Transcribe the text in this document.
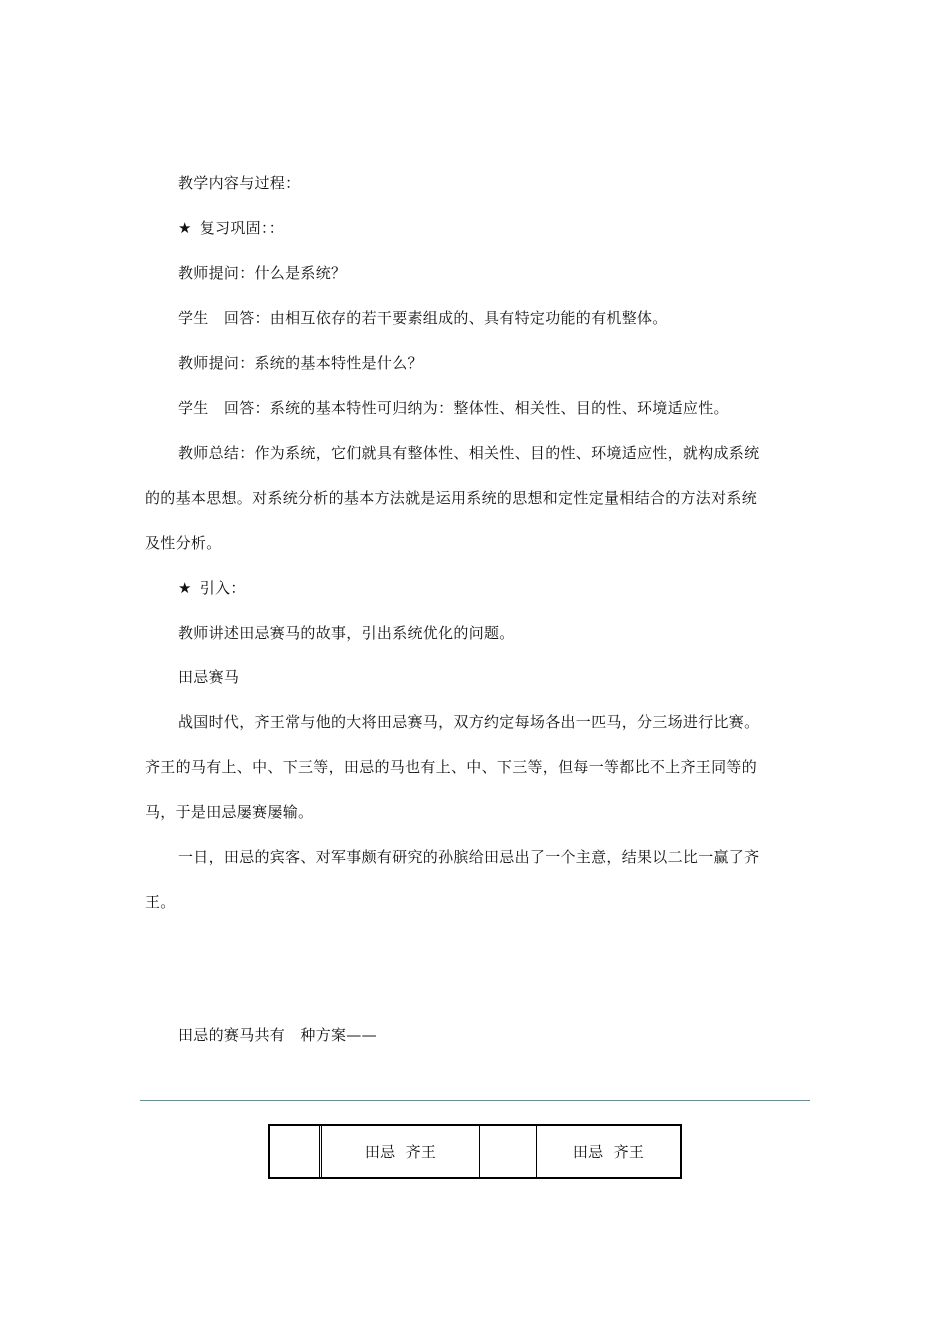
教学内容与过程：
★ 复习巩固：：
教师提问：什么是系统？
学生　回答：由相互依存的若干要素组成的、具有特定功能的有机整体。
教师提问：系统的基本特性是什么？
学生　回答：系统的基本特性可归纳为：整体性、相关性、目的性、环境适应性。
教师总结：作为系统，它们就具有整体性、相关性、目的性、环境适应性，就构成系统
的的基本思想。对系统分析的基本方法就是运用系统的思想和定性定量相结合的方法对系统
及性分析。
★ 引入：
教师讲述田忌赛马的故事，引出系统优化的问题。
田忌赛马
战国时代，齐王常与他的大将田忌赛马，双方约定每场各出一匹马，分三场进行比赛。
齐王的马有上、中、下三等，田忌的马也有上、中、下三等，但每一等都比不上齐王同等的
马，于是田忌屡赛屡输。
一日，田忌的宾客、对军事颇有研究的孙膑给田忌出了一个主意，结果以二比一赢了齐
王。
田忌的赛马共有　种方案——
田忌  齐王	田忌  齐王
